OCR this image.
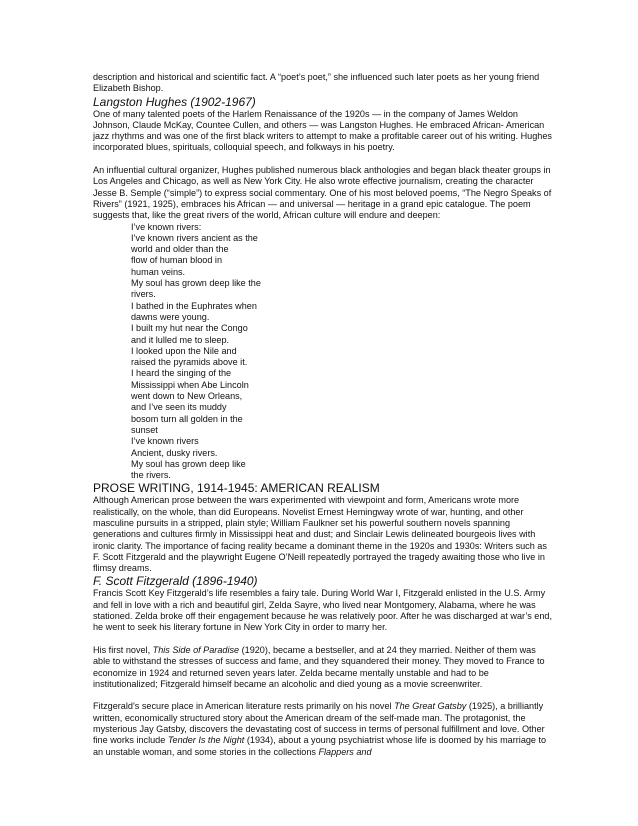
description and historical and scientific fact. A “poet’s poet,” she influenced such later poets as her young friend Elizabeth Bishop.

Langston Hughes (1902-1967)

One of many talented poets of the Harlem Renaissance of the 1920s — in the company of James Weldon Johnson, Claude McKay, Countee Cullen, and others — was Langston Hughes. He embraced African- American jazz rhythms and was one of the first black writers to attempt to make a profitable career out of his writing. Hughes incorporated blues, spirituals, colloquial speech, and folkways in his poetry.

An influential cultural organizer, Hughes published numerous black anthologies and began black theater groups in Los Angeles and Chicago, as well as New York City. He also wrote effective journalism, creating the character Jesse B. Semple (“simple”) to express social commentary. One of his most beloved poems, “The Negro Speaks of Rivers” (1921, 1925), embraces his African — and universal — heritage in a grand epic catalogue. The poem suggests that, like the great rivers of the world, African culture will endure and deepen:

I’ve known rivers:
I’ve known rivers ancient as the
world and older than the
flow of human blood in
human veins.
My soul has grown deep like the
rivers.
I bathed in the Euphrates when
dawns were young.
I built my hut near the Congo
and it lulled me to sleep.
I looked upon the Nile and
raised the pyramids above it.
I heard the singing of the
Mississippi when Abe Lincoln
went down to New Orleans,
and I’ve seen its muddy
bosom turn all golden in the
sunset
I’ve known rivers
Ancient, dusky rivers.
My soul has grown deep like
the rivers.
PROSE WRITING, 1914-1945: AMERICAN REALISM

Although American prose between the wars experimented with viewpoint and form, Americans wrote more realistically, on the whole, than did Europeans. Novelist Ernest Hemingway wrote of war, hunting, and other masculine pursuits in a stripped, plain style; William Faulkner set his powerful southern novels spanning generations and cultures firmly in Mississippi heat and dust; and Sinclair Lewis delineated bourgeois lives with ironic clarity. The importance of facing reality became a dominant theme in the 1920s and 1930s: Writers such as F. Scott Fitzgerald and the playwright Eugene O’Neill repeatedly portrayed the tragedy awaiting those who live in flimsy dreams.

F. Scott Fitzgerald (1896-1940)

Francis Scott Key Fitzgerald’s life resembles a fairy tale. During World War I, Fitzgerald enlisted in the U.S. Army and fell in love with a rich and beautiful girl, Zelda Sayre, who lived near Montgomery, Alabama, where he was stationed. Zelda broke off their engagement because he was relatively poor. After he was discharged at war’s end, he went to seek his literary fortune in New York City in order to marry her.

His first novel, This Side of Paradise (1920), became a bestseller, and at 24 they married. Neither of them was able to withstand the stresses of success and fame, and they squandered their money. They moved to France to economize in 1924 and returned seven years later. Zelda became mentally unstable and had to be institutionalized; Fitzgerald himself became an alcoholic and died young as a movie screenwriter.

Fitzgerald’s secure place in American literature rests primarily on his novel The Great Gatsby (1925), a brilliantly written, economically structured story about the American dream of the self-made man. The protagonist, the mysterious Jay Gatsby, discovers the devastating cost of success in terms of personal fulfillment and love. Other fine works include Tender Is the Night (1934), about a young psychiatrist whose life is doomed by his marriage to an unstable woman, and some stories in the collections Flappers and
